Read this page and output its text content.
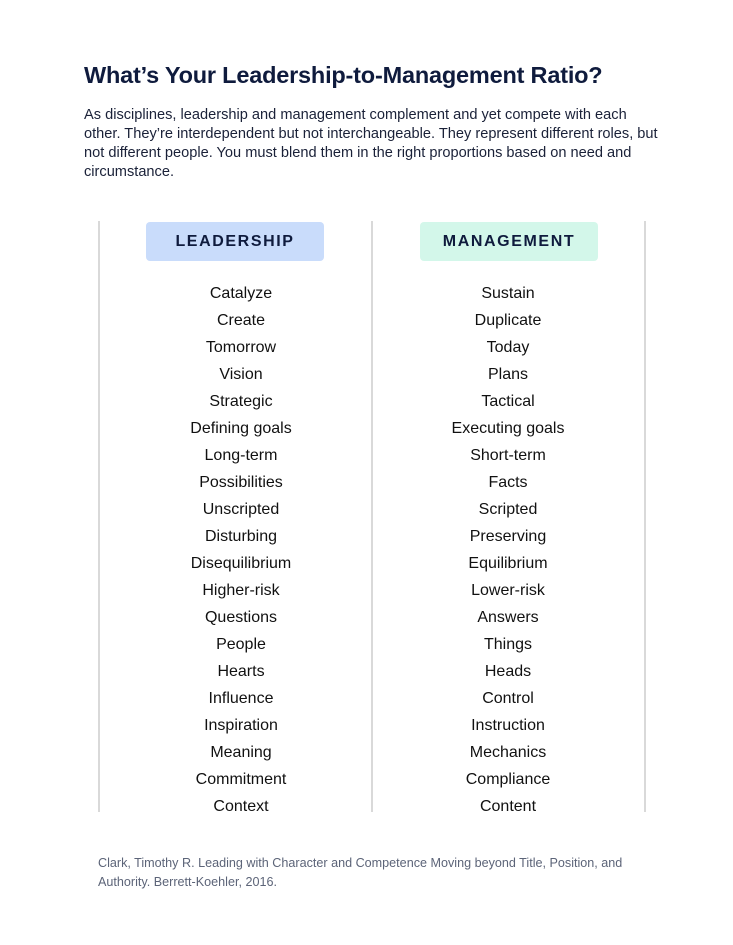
What’s Your Leadership-to-Management Ratio?

As disciplines, leadership and management complement and yet compete with each other. They’re interdependent but not interchangeable. They represent different roles, but not different people. You must blend them in the right proportions based on need and circumstance.

LEADERSHIP	MANAGEMENT
Catalyze
Create
Tomorrow
Vision
Strategic
Defining goals
Long-term
Possibilities
Unscripted
Disturbing
Disequilibrium
Higher-risk
Questions
People
Hearts
Influence
Inspiration
Meaning
Commitment
Context
Sustain
Duplicate
Today
Plans
Tactical
Executing goals
Short-term
Facts
Scripted
Preserving
Equilibrium
Lower-risk
Answers
Things
Heads
Control
Instruction
Mechanics
Compliance
Content

Clark, Timothy R. Leading with Character and Competence Moving beyond Title, Position, and Authority. Berrett-Koehler, 2016.
